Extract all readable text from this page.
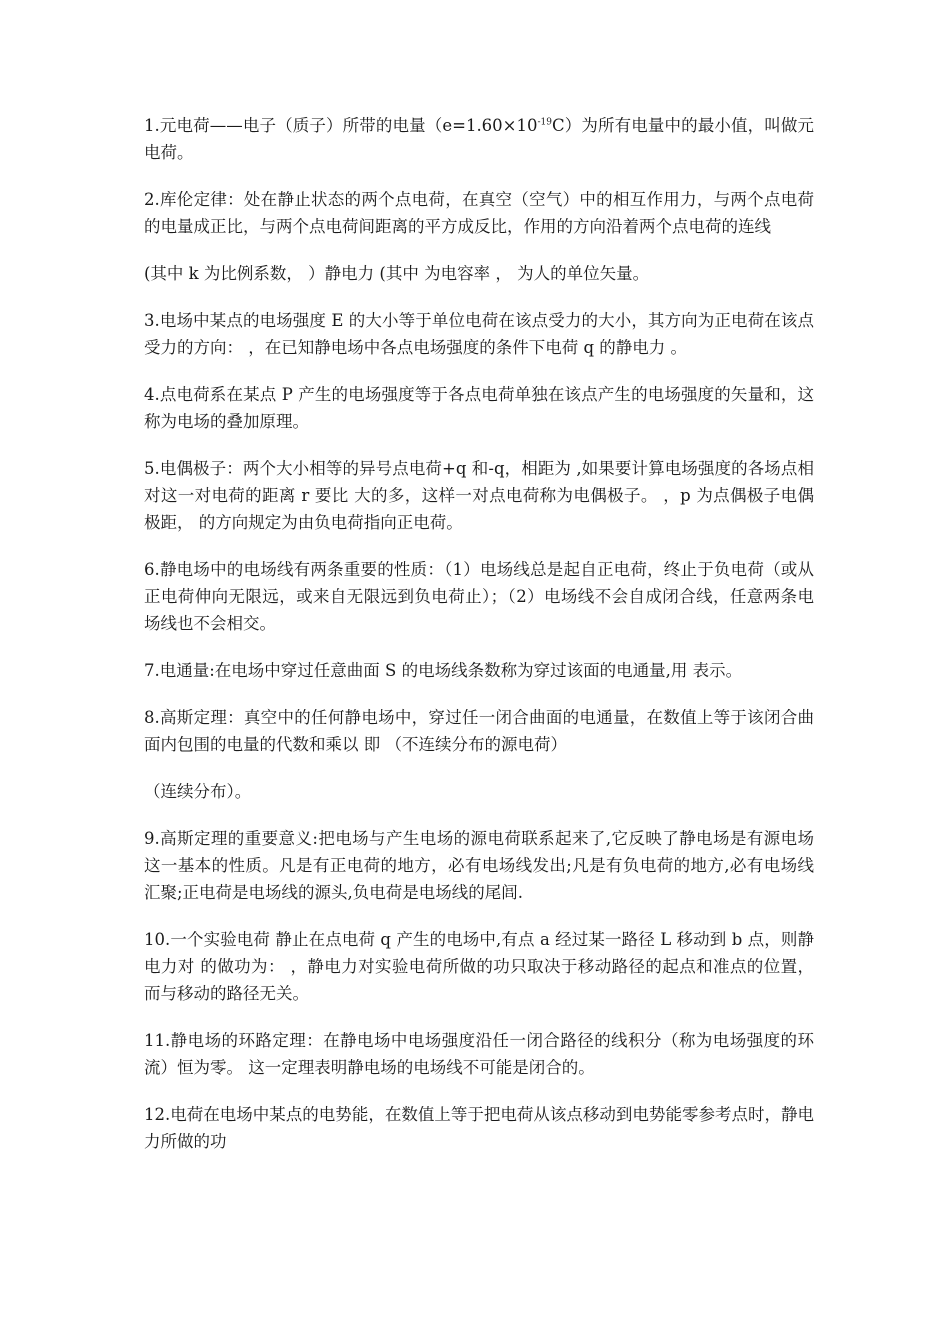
1.元电荷——电子（质子）所带的电量$(e=1.60\times 10^{-19}C)$为所有电量中的最小值，叫做元电荷。

2.库伦定律：处在静止状态的两个点电荷，在真空（空气）中的相互作用力，与两个点电荷的电量成正比，与两个点电荷间距离的平方成反比，作用的方向沿着两个点电荷的连线

(其中 k 为比例系数， ）静电力 (其中 为电容率 ， 为人的单位矢量。

3.电场中某点的电场强度 E 的大小等于单位电荷在该点受力的大小，其方向为正电荷在该点受力的方向： ，在已知静电场中各点电场强度的条件下电荷 q 的静电力 。

4.点电荷系在某点 P 产生的电场强度等于各点电荷单独在该点产生的电场强度的矢量和，这称为电场的叠加原理。

5.电偶极子：两个大小相等的异号点电荷+q 和-q，相距为 ,如果要计算电场强度的各场点相对这一对电荷的距离 r 要比 大的多，这样一对点电荷称为电偶极子。 ，p 为点偶极子电偶极距， 的方向规定为由负电荷指向正电荷。

6.静电场中的电场线有两条重要的性质：（1）电场线总是起自正电荷，终止于负电荷（或从正电荷伸向无限远，或来自无限远到负电荷止）；（2）电场线不会自成闭合线，任意两条电场线也不会相交。

7.电通量:在电场中穿过任意曲面 S 的电场线条数称为穿过该面的电通量,用 表示。

8.高斯定理：真空中的任何静电场中，穿过任一闭合曲面的电通量，在数值上等于该闭合曲面内包围的电量的代数和乘以 即 （不连续分布的源电荷）

（连续分布）。

9.高斯定理的重要意义:把电场与产生电场的源电荷联系起来了,它反映了静电场是有源电场这一基本的性质。凡是有正电荷的地方，必有电场线发出;凡是有负电荷的地方,必有电场线汇聚;正电荷是电场线的源头,负电荷是电场线的尾闾.

10.一个实验电荷 静止在点电荷 q 产生的电场中,有点 a 经过某一路径 L 移动到 b 点，则静电力对 的做功为： ，静电力对实验电荷所做的功只取决于移动路径的起点和准点的位置，而与移动的路径无关。

11.静电场的环路定理：在静电场中电场强度沿任一闭合路径的线积分（称为电场强度的环流）恒为零。 这一定理表明静电场的电场线不可能是闭合的。

12.电荷在电场中某点的电势能，在数值上等于把电荷从该点移动到电势能零参考点时，静电力所做的功
